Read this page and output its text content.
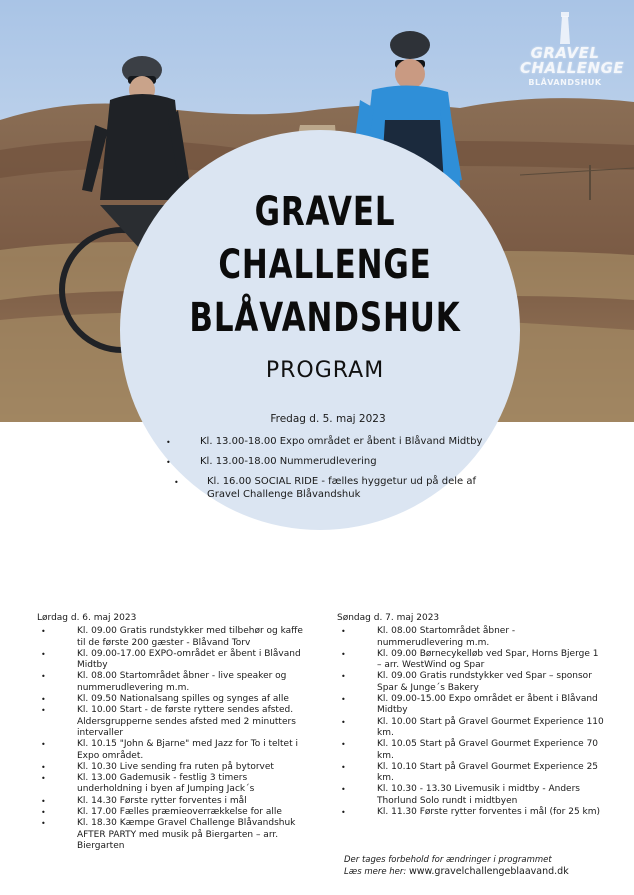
GRAVEL
CHALLENGE
BLÅVANDSHUK
GRAVEL
CHALLENGE
BLÅVANDSHUK
PROGRAM
Fredag d. 5. maj 2023
•	Kl. 13.00-18.00 Expo området er åbent i Blåvand Midtby
•	Kl. 13.00-18.00 Nummerudlevering
•	Kl. 16.00 SOCIAL RIDE - fælles hyggetur ud på dele af
Gravel Challenge Blåvandshuk
Lørdag d. 6. maj 2023
•	Kl. 09.00 Gratis rundstykker med tilbehør og kaffe
til de første 200 gæster - Blåvand Torv
•	Kl. 09.00-17.00 EXPO-området er åbent i Blåvand
Midtby
•	Kl. 08.00 Startområdet åbner - live speaker og
nummerudlevering m.m.
•	Kl. 09.50 Nationalsang spilles og synges af alle
•	Kl. 10.00 Start - de første ryttere sendes afsted.
Aldersgrupperne sendes afsted med 2 minutters
intervaller
•	Kl. 10.15 "John & Bjarne" med Jazz for To i teltet i
Expo området.
•	Kl. 10.30 Live sending fra ruten på bytorvet
•	Kl. 13.00 Gademusik - festlig 3 timers
underholdning i byen af Jumping Jack´s
•	Kl. 14.30 Første rytter forventes i mål
•	Kl. 17.00 Fælles præmieoverrækkelse for alle
•	Kl. 18.30 Kæmpe Gravel Challenge Blåvandshuk
AFTER PARTY med musik på Biergarten – arr.
Biergarten
Søndag d. 7. maj 2023
•	Kl. 08.00 Startområdet åbner -
nummerudlevering m.m.
•	Kl. 09.00 Børnecykelløb ved Spar, Horns Bjerge 1
– arr. WestWind og Spar
•	Kl. 09.00 Gratis rundstykker ved Spar – sponsor
Spar & Junge´s Bakery
•	Kl. 09.00-15.00 Expo området er åbent i Blåvand
Midtby
•	Kl. 10.00 Start på Gravel Gourmet Experience 110
km.
•	Kl. 10.05 Start på Gravel Gourmet Experience 70
km.
•	Kl. 10.10 Start på Gravel Gourmet Experience 25
km.
•	Kl. 10.30 - 13.30 Livemusik i midtby - Anders
Thorlund Solo rundt i midtbyen
•	Kl. 11.30 Første rytter forventes i mål (for 25 km)
Der tages forbehold for ændringer i programmet
Læs mere her: www.gravelchallengeblaavand.dk
